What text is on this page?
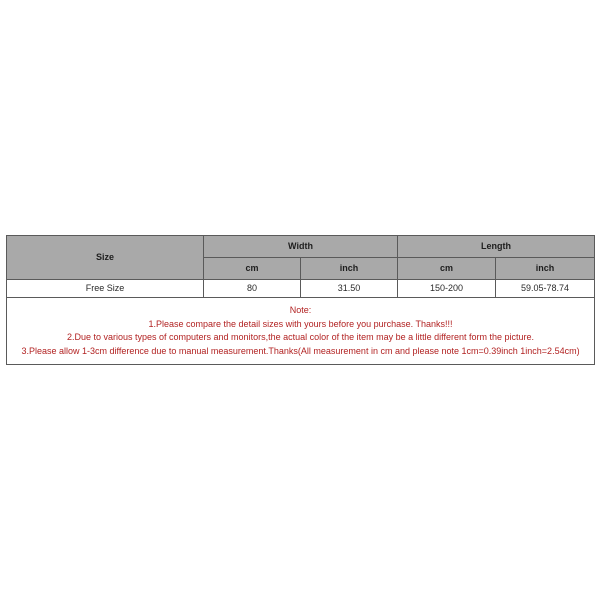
Size	Width		Length	
	cm	inch	cm	inch
Free Size	80	31.50	150-200	59.05-78.74

Note:
1.Please compare the detail sizes with yours before you purchase. Thanks!!!
2.Due to various types of computers and monitors,the actual color of the item may be a little different form the picture.
3.Please allow 1-3cm difference due to manual measurement.Thanks(All measurement in cm and please note 1cm=0.39inch 1inch=2.54cm)				
